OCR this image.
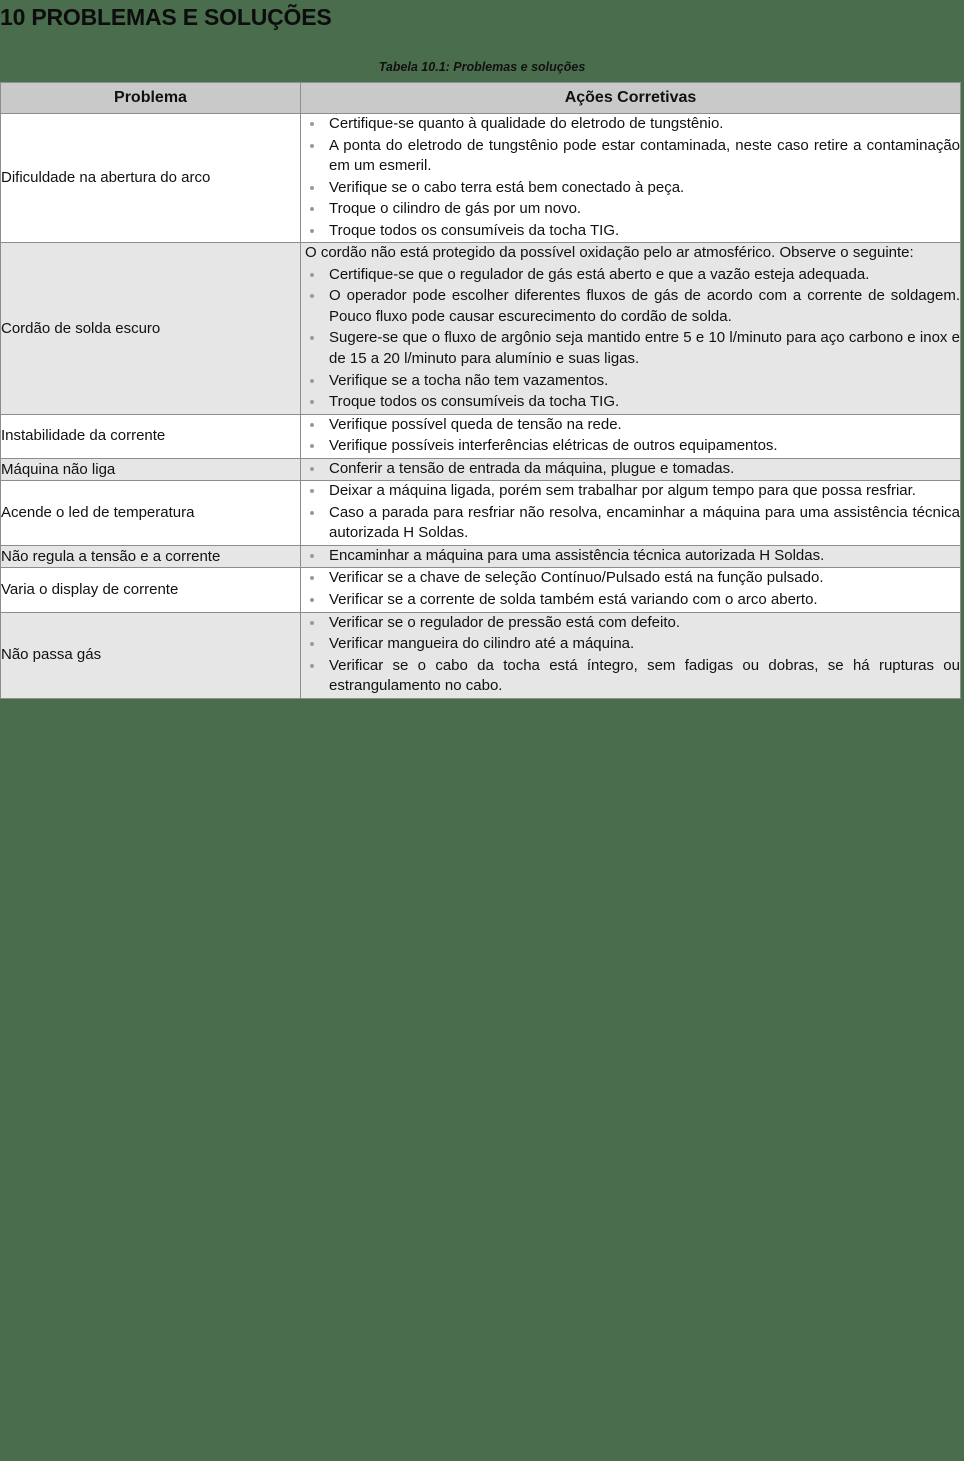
10 PROBLEMAS E SOLUÇÕES
Tabela 10.1: Problemas e soluções
Problema	Ações Corretivas
Dificuldade na abertura do arco	
Certifique-se quanto à qualidade do eletrodo de tungstênio.
A ponta do eletrodo de tungstênio pode estar contaminada, neste caso retire a contaminação em um esmeril.
Verifique se o cabo terra está bem conectado à peça.
Troque o cilindro de gás por um novo.
Troque todos os consumíveis da tocha TIG.

Cordão de solda escuro	

O cordão não está protegido da possível oxidação pelo ar atmosférico. Observe o seguinte:

Certifique-se que o regulador de gás está aberto e que a vazão esteja adequada.
O operador pode escolher diferentes fluxos de gás de acordo com a corrente de soldagem. Pouco fluxo pode causar escurecimento do cordão de solda.
Sugere-se que o fluxo de argônio seja mantido entre 5 e 10 l/minuto para aço carbono e inox e de 15 a 20 l/minuto para alumínio e suas ligas.
Verifique se a tocha não tem vazamentos.
Troque todos os consumíveis da tocha TIG.

Instabilidade da corrente	
Verifique possível queda de tensão na rede.
Verifique possíveis interferências elétricas de outros equipamentos.

Máquina não liga	Conferir a tensão de entrada da máquina, plugue e tomadas.

Acende o led de temperatura	
Deixar a máquina ligada, porém sem trabalhar por algum tempo para que possa resfriar.
Caso a parada para resfriar não resolva, encaminhar a máquina para uma assistência técnica autorizada H Soldas.

Não regula a tensão e a corrente	Encaminhar a máquina para uma assistência técnica autorizada H Soldas.

Varia o display de corrente	
Verificar se a chave de seleção Contínuo/Pulsado está na função pulsado.
Verificar se a corrente de solda também está variando com o arco aberto.

Não passa gás	
Verificar se o regulador de pressão está com defeito.
Verificar mangueira do cilindro até a máquina.
Verificar se o cabo da tocha está íntegro, sem fadigas ou dobras, se há rupturas ou estrangulamento no cabo.
